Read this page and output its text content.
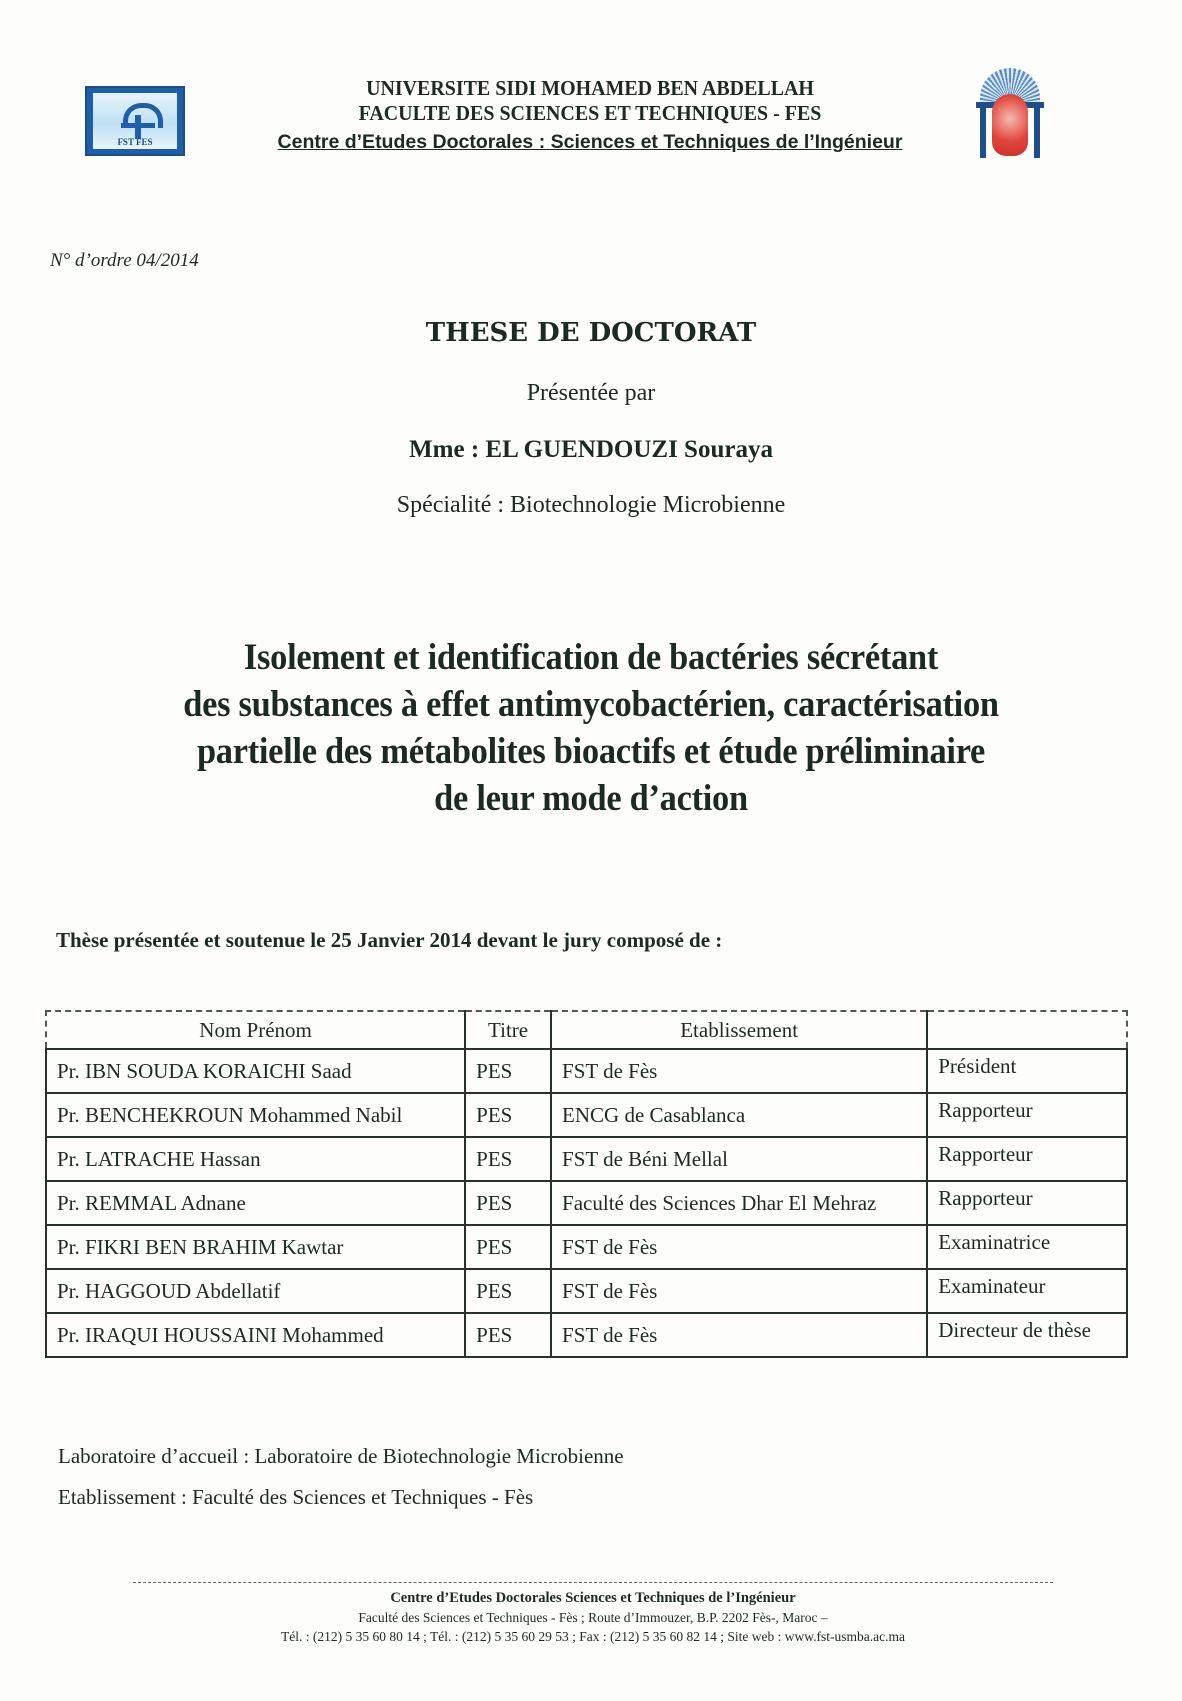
FST FES
UNIVERSITE SIDI MOHAMED BEN ABDELLAH
FACULTE DES SCIENCES ET TECHNIQUES - FES
Centre d’Etudes Doctorales : Sciences et Techniques de l’Ingénieur
N° d’ordre 04/2014
THESE DE DOCTORAT
Présentée par
Mme : EL GUENDOUZI Souraya
Spécialité : Biotechnologie Microbienne
Isolement et identification de bactéries sécrétant
des substances à effet antimycobactérien, caractérisation
partielle des métabolites bioactifs et étude préliminaire
de leur mode d’action
Thèse présentée et soutenue le 25 Janvier 2014 devant le jury composé de :
Nom Prénom	Titre	Etablissement	
Pr. IBN SOUDA KORAICHI Saad	PES	FST de Fès	Président
Pr. BENCHEKROUN Mohammed Nabil	PES	ENCG de Casablanca	Rapporteur
Pr. LATRACHE Hassan	PES	FST de Béni Mellal	Rapporteur
Pr. REMMAL Adnane	PES	Faculté des Sciences Dhar El Mehraz	Rapporteur
Pr. FIKRI BEN BRAHIM Kawtar	PES	FST de Fès	Examinatrice
Pr. HAGGOUD Abdellatif	PES	FST de Fès	Examinateur
Pr. IRAQUI HOUSSAINI Mohammed	PES	FST de Fès	Directeur de thèse
Laboratoire d’accueil : Laboratoire de Biotechnologie Microbienne
Etablissement : Faculté des Sciences et Techniques - Fès
Centre d’Etudes Doctorales Sciences et Techniques de l’Ingénieur
Faculté des Sciences et Techniques - Fès ; Route d’Immouzer, B.P. 2202 Fès-, Maroc –
Tél. : (212) 5 35 60 80 14 ; Tél. : (212) 5 35 60 29 53 ; Fax : (212) 5 35 60 82 14 ; Site web : www.fst-usmba.ac.ma
